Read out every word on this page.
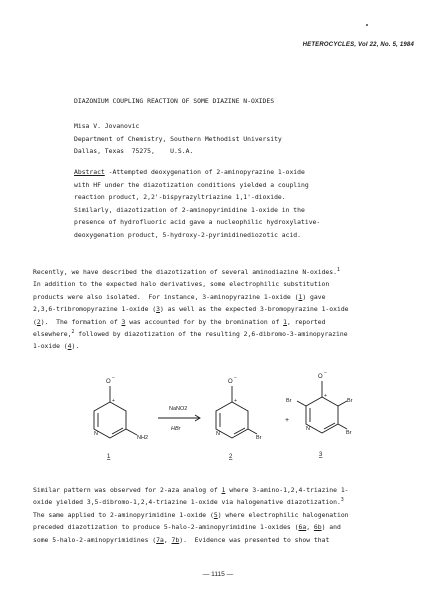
HETEROCYCLES, Vol 22, No. 5, 1984
DIAZONIUM COUPLING REACTION OF SOME DIAZINE N-OXIDES
Misa V. Jovanovic
Department of Chemistry, Southern Methodist University
Dallas, Texas  75275,    U.S.A.
Abstract -Attempted deoxygenation of 2-aminopyrazine 1-oxide
with HF under the diazotization conditions yielded a coupling
reaction product, 2,2'-bispyrazyltriazine 1,1'-dioxide.
Similarly, diazotization of 2-aminopyrimidine 1-oxide in the
presence of hydrofluoric acid gave a nucleophilic hydroxylative-
deoxygenation product, 5-hydroxy-2-pyrimidinediozotic acid.
Recently, we have described the diazotization of several aminodiazine N-oxides.$^1$
In addition to the expected halo derivatives, some electrophilic substitution
products were also isolated.  For instance, 3-aminopyrazine 1-oxide (1) gave
2,3,6-tribromopyrazine 1-oxide (3) as well as the expected 3-bromopyrazine 1-oxide
(2).  The formation of 3 was accounted for by the bromination of 1, reported
elsewhere,$^2$ followed by diazotization of the resulting 2,6-dibromo-3-aminopyrazine
1-oxide (4).
O
−
+
N
NH2
1
NaNO2
HBr
O
−
+
N
Br
2
+
O
−
+
N
Br	Br
Br
3
Similar pattern was observed for 2-aza analog of 1 where 3-amino-1,2,4-triazine 1-
oxide yielded 3,5-dibromo-1,2,4-triazine 1-oxide via halogenative diazotization.$^3$
The same applied to 2-aminopyrimidine 1-oxide (5) where electrophilic halogenation
preceded diazotization to produce 5-halo-2-aminopyrimidine 1-oxides (6a, 6b) and
some 5-halo-2-aminopyrimidines (7a, 7b).  Evidence was presented to show that
— 1115 —
